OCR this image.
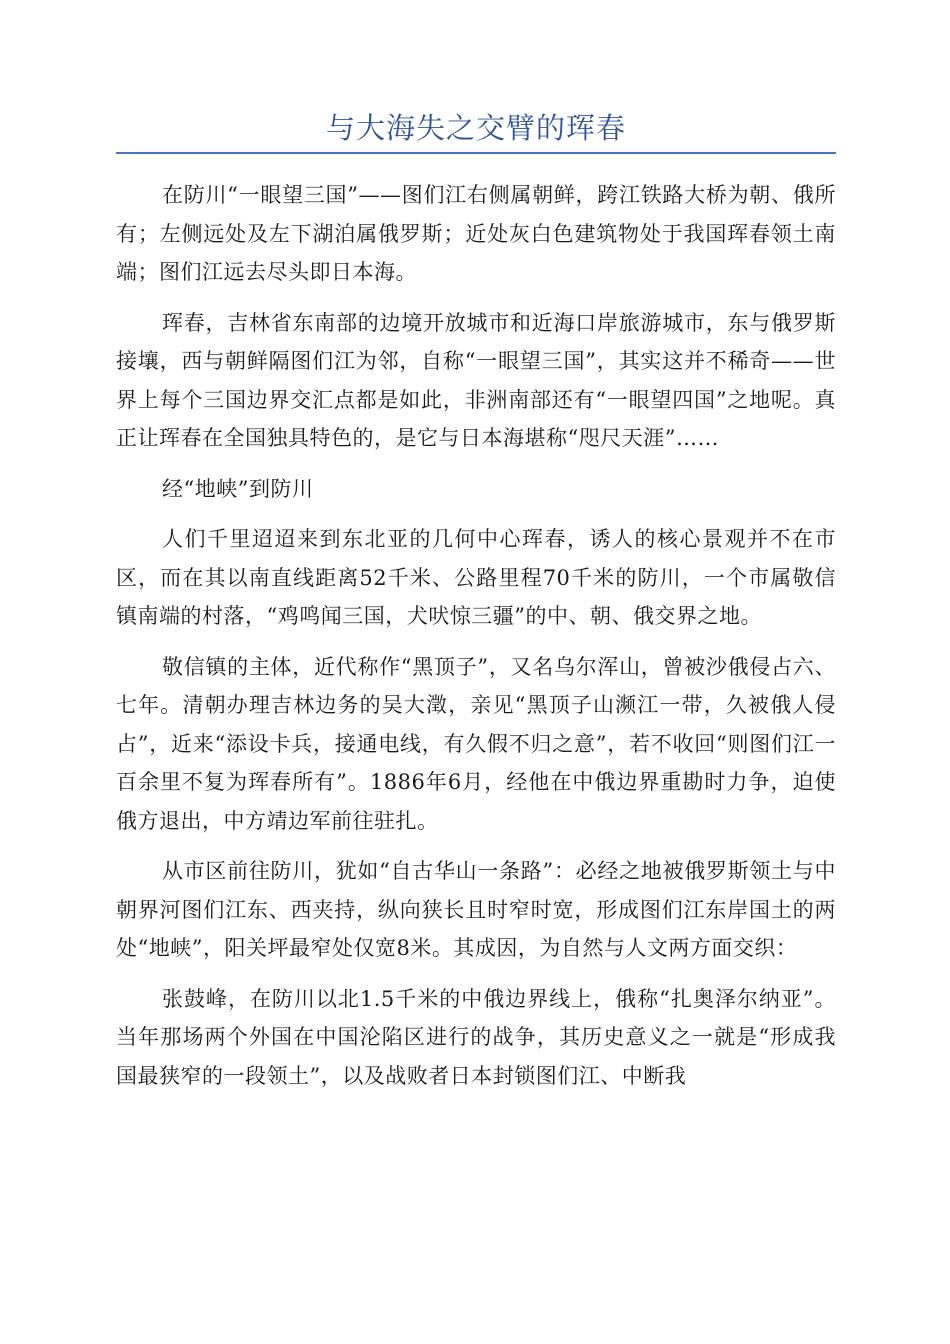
与大海失之交臂的珲春

在防川“一眼望三国”——图们江右侧属朝鲜，跨江铁路大桥为朝、俄所有；左侧远处及左下湖泊属俄罗斯；近处灰白色建筑物处于我国珲春领土南端；图们江远去尽头即日本海。

珲春，吉林省东南部的边境开放城市和近海口岸旅游城市，东与俄罗斯接壤，西与朝鲜隔图们江为邻，自称“一眼望三国”，其实这并不稀奇——世界上每个三国边界交汇点都是如此，非洲南部还有“一眼望四国”之地呢。真正让珲春在全国独具特色的，是它与日本海堪称“咫尺天涯”……

经“地峡”到防川

人们千里迢迢来到东北亚的几何中心珲春，诱人的核心景观并不在市区，而在其以南直线距离52千米、公路里程70千米的防川，一个市属敬信镇南端的村落，“鸡鸣闻三国，犬吠惊三疆”的中、朝、俄交界之地。

敬信镇的主体，近代称作“黑顶子”，又名乌尔浑山，曾被沙俄侵占六、七年。清朝办理吉林边务的吴大澂，亲见“黑顶子山濒江一带，久被俄人侵占”，近来“添设卡兵，接通电线，有久假不归之意”，若不收回“则图们江一百余里不复为珲春所有”。1886年6月，经他在中俄边界重勘时力争，迫使俄方退出，中方靖边军前往驻扎。

从市区前往防川，犹如“自古华山一条路”：必经之地被俄罗斯领土与中朝界河图们江东、西夹持，纵向狭长且时窄时宽，形成图们江东岸国土的两处“地峡”，阳关坪最窄处仅宽8米。其成因，为自然与人文两方面交织：

张鼓峰，在防川以北1.5千米的中俄边界线上，俄称“扎奥泽尔纳亚”。当年那场两个外国在中国沦陷区进行的战争，其历史意义之一就是“形成我国最狭窄的一段领土”，以及战败者日本封锁图们江、中断我
